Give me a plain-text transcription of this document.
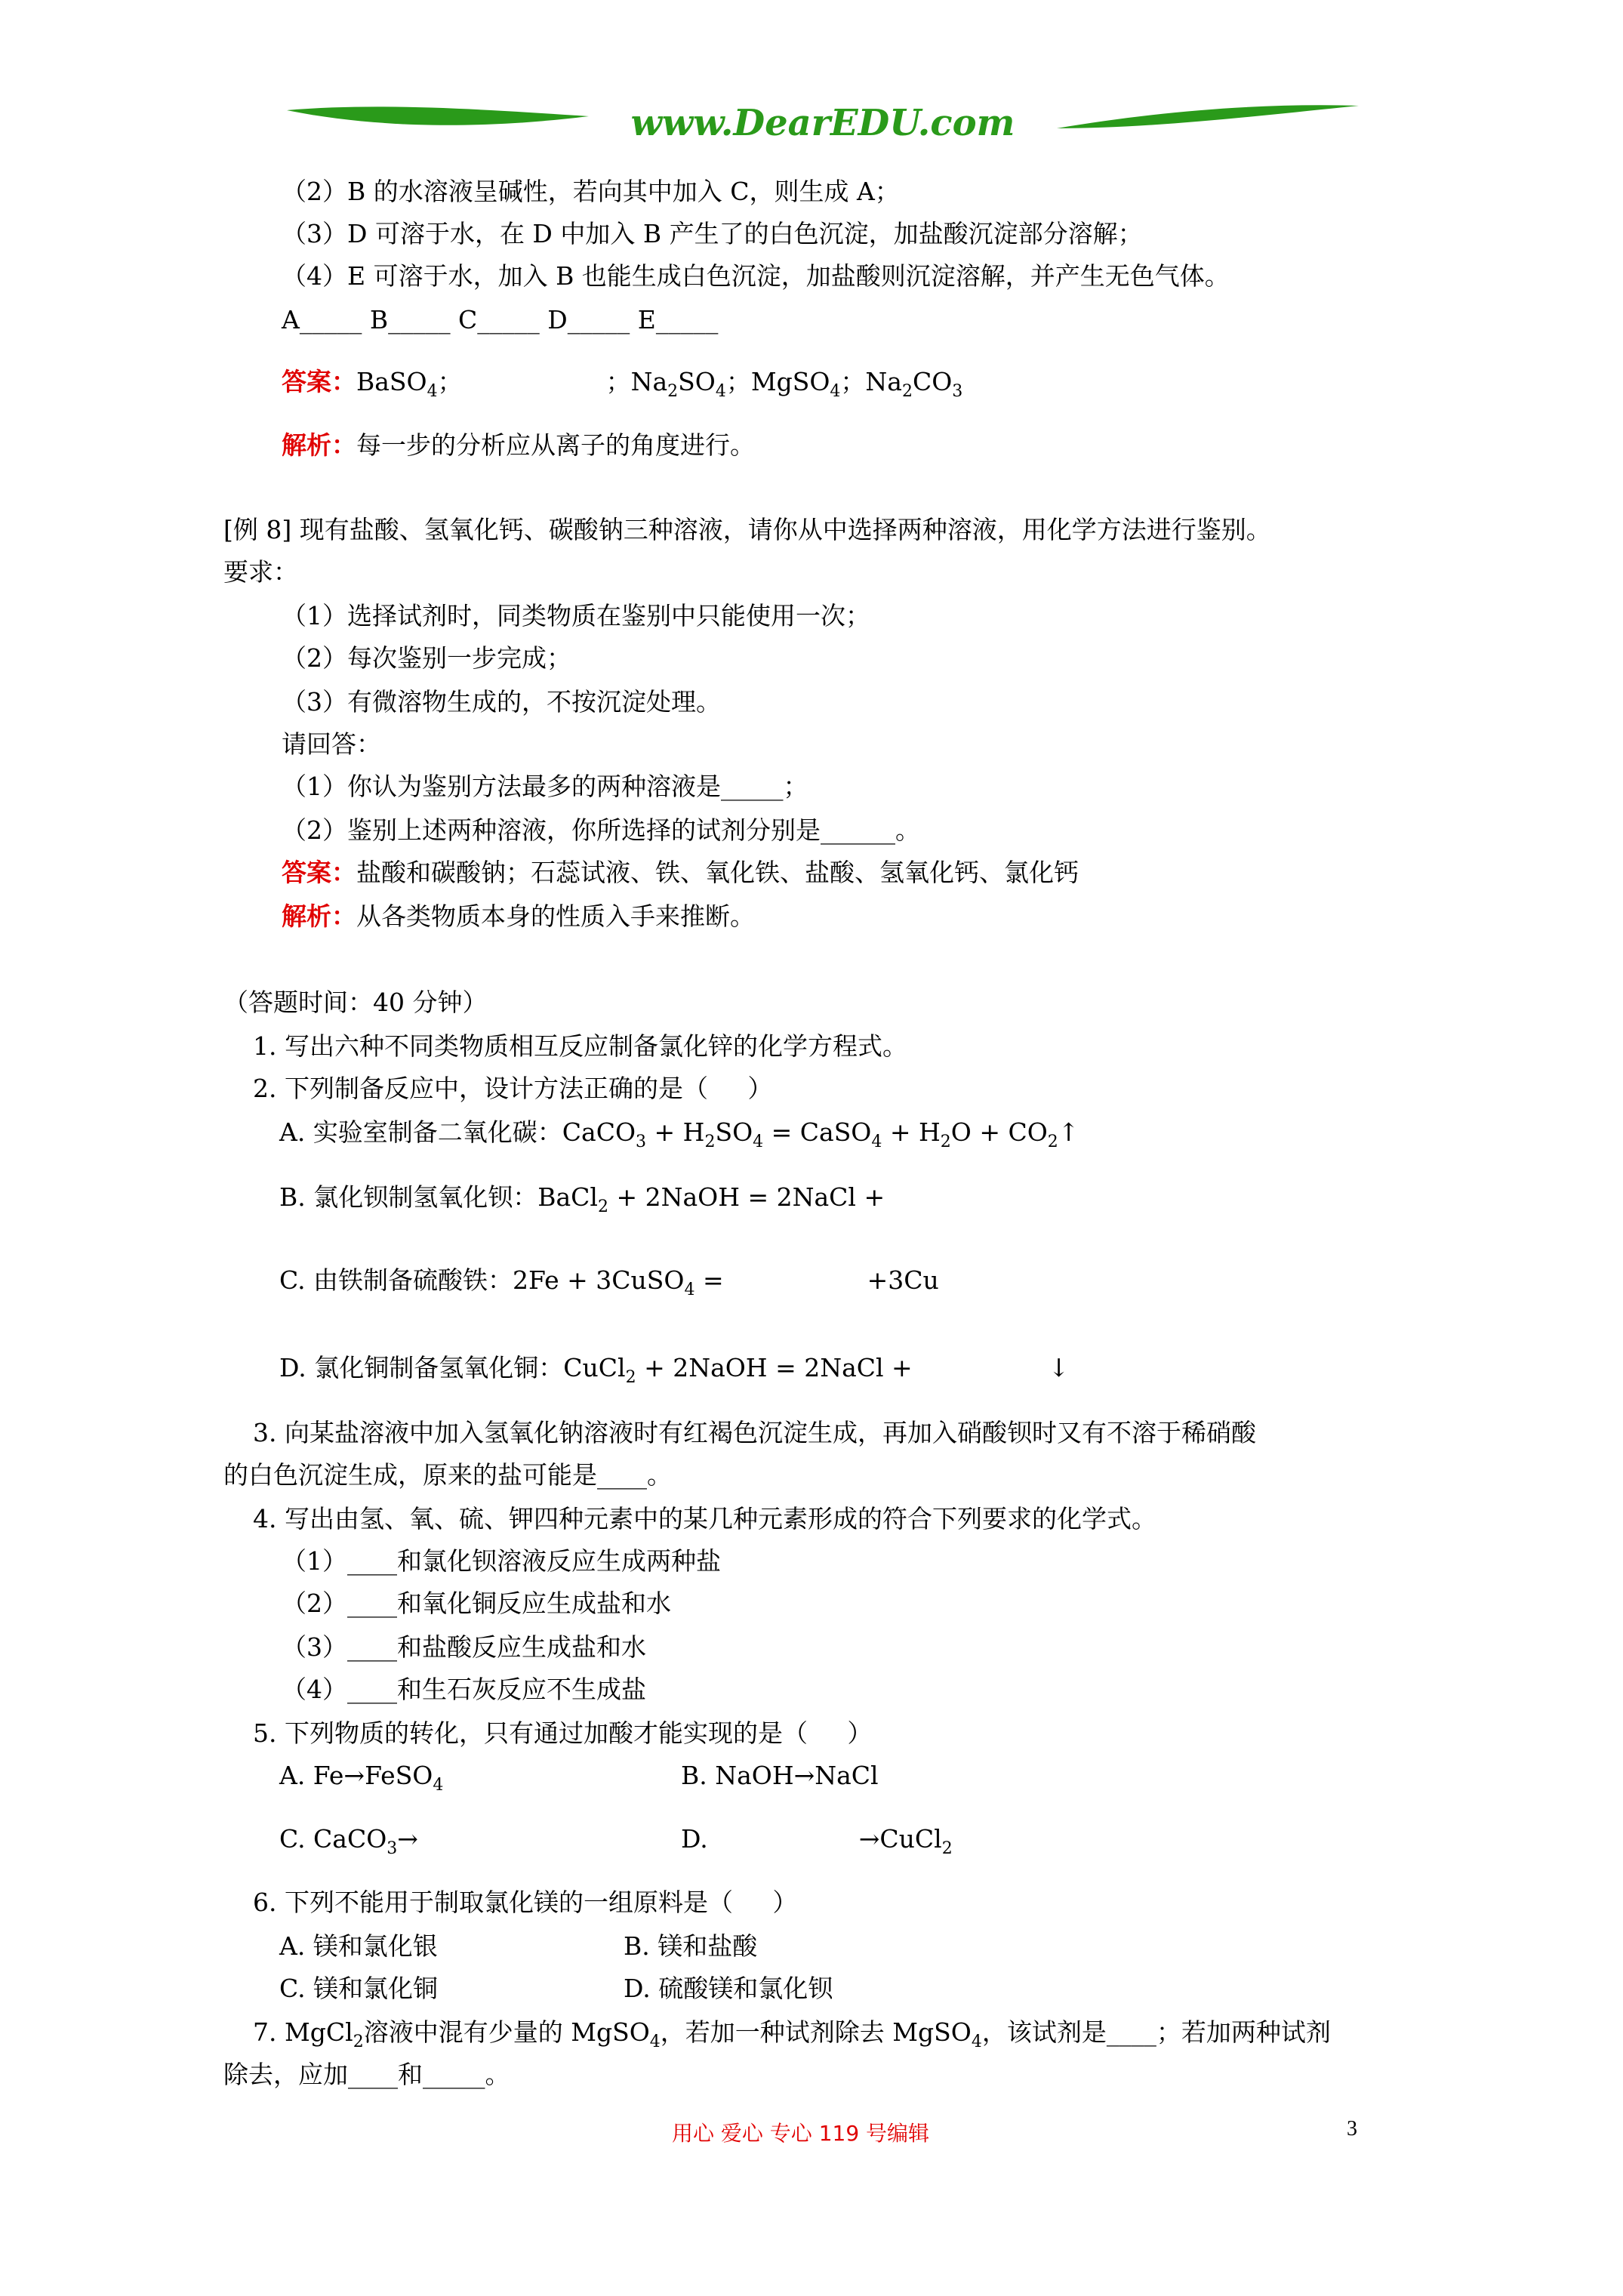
www.DearEDU.com
（2）B 的水溶液呈碱性，若向其中加入 C，则生成 A；
（3）D 可溶于水，在 D 中加入 B 产生了的白色沉淀，加盐酸沉淀部分溶解；
（4）E 可溶于水，加入 B 也能生成白色沉淀，加盐酸则沉淀溶解，并产生无色气体。
A_____ B_____ C_____ D_____ E_____
答案：BaSO$_4$；	；$Na_2SO_4$；MgSO$_4$；$Na_2CO_3$
解析：每一步的分析应从离子的角度进行。
[例 8] 现有盐酸、氢氧化钙、碳酸钠三种溶液，请你从中选择两种溶液，用化学方法进行鉴别。
要求：
（1）选择试剂时，同类物质在鉴别中只能使用一次；
（2）每次鉴别一步完成；
（3）有微溶物生成的，不按沉淀处理。
请回答：
（1）你认为鉴别方法最多的两种溶液是_____；
（2）鉴别上述两种溶液，你所选择的试剂分别是______。
答案：盐酸和碳酸钠；石蕊试液、铁、氧化铁、盐酸、氢氧化钙、氯化钙
解析：从各类物质本身的性质入手来推断。
（答题时间：40 分钟）
1. 写出六种不同类物质相互反应制备氯化锌的化学方程式。
2. 下列制备反应中，设计方法正确的是（     ）
A. 实验室制备二氧化碳：CaCO$_3$ + $H_2SO_4$ = CaSO$_4$ + $H_2O$ + $CO_2↑$
B. 氯化钡制氢氧化钡：BaCl$_2$ + 2NaOH = 2NaCl +
C. 由铁制备硫酸铁：2Fe + 3CuSO$_4$ =	+3Cu
D. 氯化铜制备氢氧化铜：CuCl$_2$ + 2NaOH = 2NaCl +	↓
3. 向某盐溶液中加入氢氧化钠溶液时有红褐色沉淀生成，再加入硝酸钡时又有不溶于稀硝酸
的白色沉淀生成，原来的盐可能是____。
4. 写出由氢、氧、硫、钾四种元素中的某几种元素形成的符合下列要求的化学式。
（1）____和氯化钡溶液反应生成两种盐
（2）____和氧化铜反应生成盐和水
（3）____和盐酸反应生成盐和水
（4）____和生石灰反应不生成盐
5. 下列物质的转化，只有通过加酸才能实现的是（     ）
A. Fe→FeSO$_4$	B. NaOH→NaCl
C. CaCO$_3$→	D.	→CuCl$_2$
6. 下列不能用于制取氯化镁的一组原料是（     ）
A. 镁和氯化银	B. 镁和盐酸
C. 镁和氯化铜	D. 硫酸镁和氯化钡
7. MgCl$_2$溶液中混有少量的 MgSO$_4$，若加一种试剂除去 MgSO$_4$，该试剂是____；若加两种试剂
除去，应加____和_____。
用心 爱心 专心 119 号编辑	3
